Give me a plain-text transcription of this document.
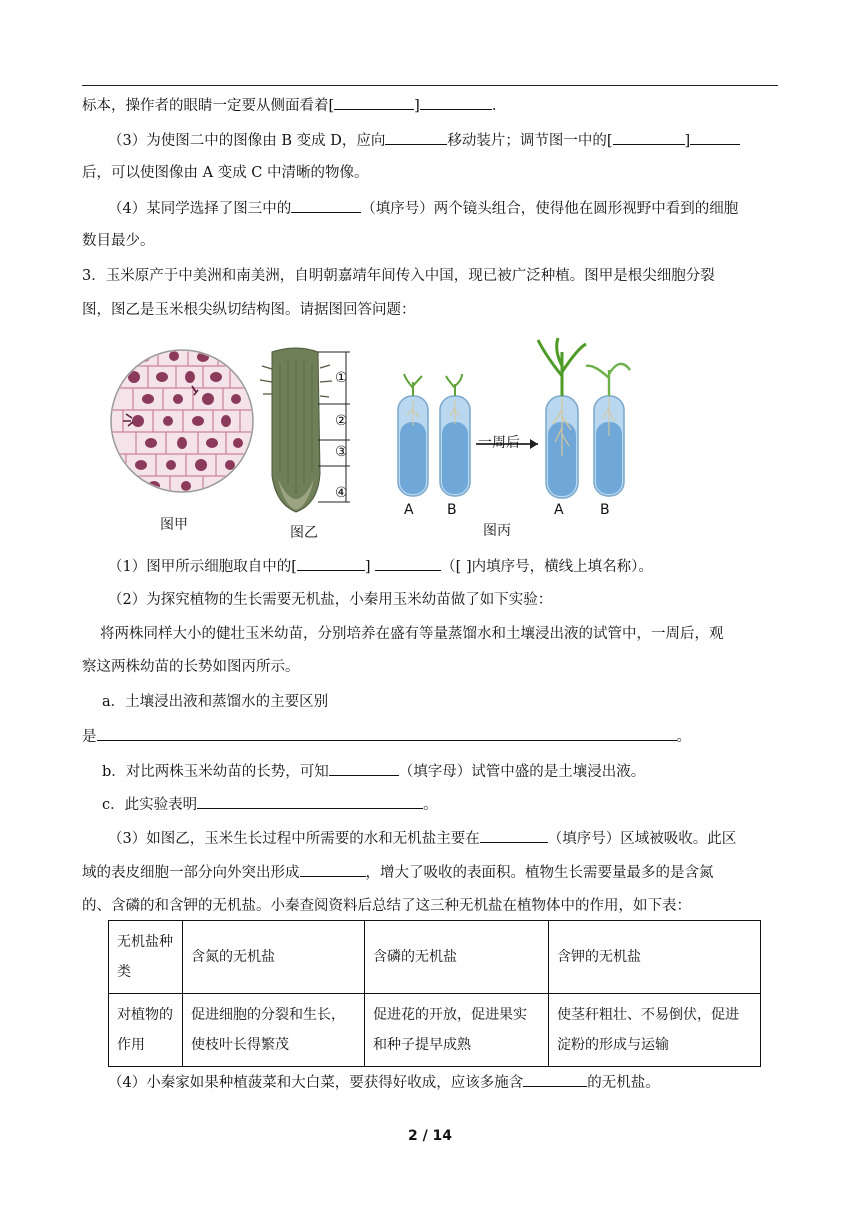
标本，操作者的眼睛一定要从侧面看着[	]	.
（3）为使图二中的图像由 B 变成 D，应向	移动装片；调节图一中的[	]
后，可以使图像由 A 变成 C 中清晰的物像。
（4）某同学选择了图三中的	（填序号）两个镜头组合，使得他在圆形视野中看到的细胞
数目最少。
3．玉米原产于中美洲和南美洲，自明朝嘉靖年间传入中国，现已被广泛种植。图甲是根尖细胞分裂
图，图乙是玉米根尖纵切结构图。请据图回答问题：
图甲
①
②
③
④
图乙
一周后
A B	A	B
图丙
（1）图甲所示细胞取自中的[	]	（[ ]内填序号，横线上填名称）。
（2）为探究植物的生长需要无机盐，小秦用玉米幼苗做了如下实验：
将两株同样大小的健壮玉米幼苗，分别培养在盛有等量蒸馏水和土壤浸出液的试管中，一周后，观
察这两株幼苗的长势如图丙所示。
a．土壤浸出液和蒸馏水的主要区别
是	。
b．对比两株玉米幼苗的长势，可知	（填字母）试管中盛的是土壤浸出液。
c．此实验表明	。
（3）如图乙，玉米生长过程中所需要的水和无机盐主要在	（填序号）区域被吸收。此区
域的表皮细胞一部分向外突出形成	，增大了吸收的表面积。植物生长需要量最多的是含氮
的、含磷的和含钾的无机盐。小秦查阅资料后总结了这三种无机盐在植物体中的作用，如下表：
无机盐种类	含氮的无机盐	含磷的无机盐	含钾的无机盐
对植物的作用	促进细胞的分裂和生长，使枝叶长得繁茂	促进花的开放，促进果实和种子提早成熟	使茎秆粗壮、不易倒伏，促进淀粉的形成与运输
（4）小秦家如果种植菠菜和大白菜，要获得好收成，应该多施含	的无机盐。
2 / 14
